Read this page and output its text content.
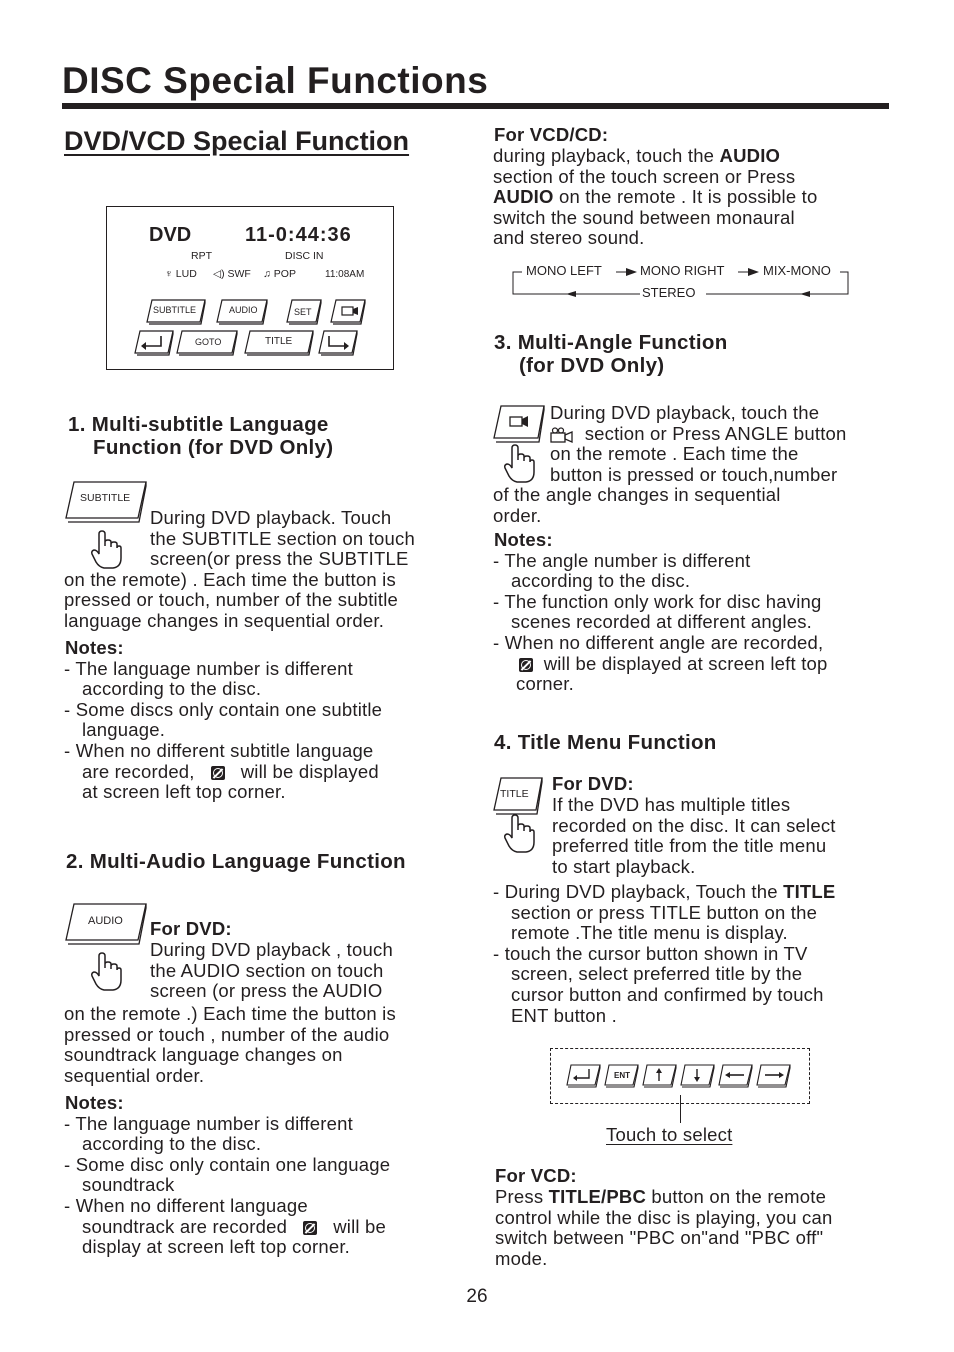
DISC Special Functions
DVD/VCD Special Function
DVD	11-0:44:36
RPT	DISC IN
♆ LUD ◁) SWF ♫ POP	11:08AM
SUBTITLE	AUDIO	SET
GOTO	TITLE
1. Multi-subtitle Language
Function (for DVD Only)
SUBTITLE
During DVD playback. Touch
the SUBTITLE section on touch
screen(or press the SUBTITLE
on the remote) . Each time the button is
pressed or touch, number of the subtitle
language changes in sequential order.
Notes:
- The language number is different
according to the disc.
- Some discs only contain one subtitle
language.
- When no different subtitle language
are recorded, will be displayed
at screen left top corner.
2. Multi-Audio Language Function
AUDIO For DVD:
During DVD playback , touch
the AUDIO section on touch
screen (or press the AUDIO
on the remote .) Each time the button is
pressed or touch , number of the audio
soundtrack language changes on
sequential order.
Notes:
- The language number is different
according to the disc.
- Some disc only contain one language
soundtrack
- When no different language
soundtrack are recorded will be
display at screen left top corner.
For VCD/CD:
during playback, touch the AUDIO
section of the touch screen or Press
AUDIO on the remote . It is possible to
switch the sound between monaural
and stereo sound.
MONO LEFT	MONO RIGHT	MIX-MONO
STEREO
3. Multi-Angle Function
(for DVD Only)
During DVD playback, touch the
section or Press ANGLE button
on the remote . Each time the
button is pressed or touch,number
of the angle changes in sequential
order.
Notes:
- The angle number is different
according to the disc.
- The function only work for disc having
scenes recorded at different angles.
- When no different angle are recorded,
will be displayed at screen left top
corner.
4. Title Menu Function
TITLE For DVD:
If the DVD has multiple titles
recorded on the disc. It can select
preferred title from the title menu
to start playback.
- During DVD playback, Touch the TITLE
section or press TITLE button on the
remote .The title menu is display.
- touch the cursor button shown in TV
screen, select preferred title by the
cursor button and confirmed by touch
ENT button .
ENT
Touch to select
For VCD:
Press TITLE/PBC button on the remote
control while the disc is playing, you can
switch between "PBC on"and "PBC off"
mode.
26
